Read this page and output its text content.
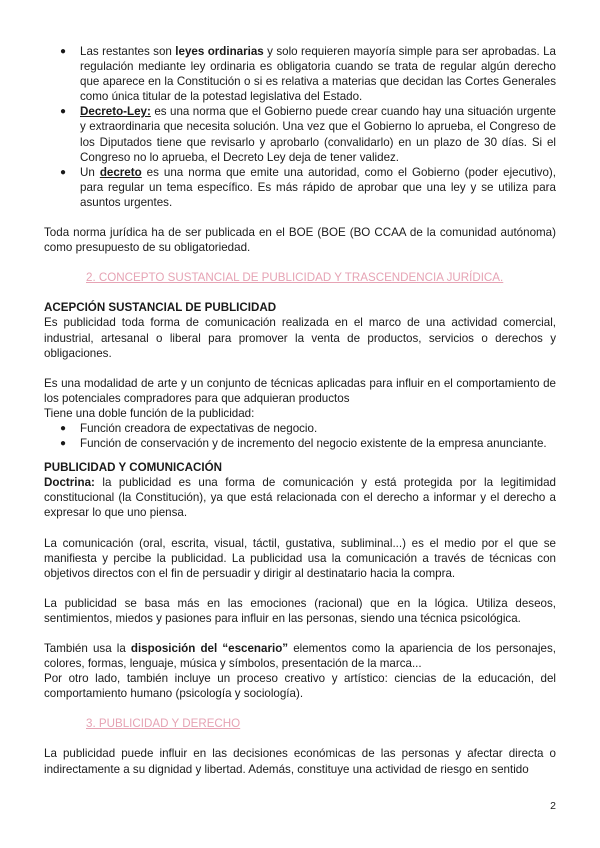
● Las restantes son leyes ordinarias y solo requieren mayoría simple para ser aprobadas. La regulación mediante ley ordinaria es obligatoria cuando se trata de regular algún derecho que aparece en la Constitución o si es relativa a materias que decidan las Cortes Generales como única titular de la potestad legislativa del Estado.
● Decreto-Ley: es una norma que el Gobierno puede crear cuando hay una situación urgente y extraordinaria que necesita solución. Una vez que el Gobierno lo aprueba, el Congreso de los Diputados tiene que revisarlo y aprobarlo (convalidarlo) en un plazo de 30 días. Si el Congreso no lo aprueba, el Decreto Ley deja de tener validez.
● Un decreto es una norma que emite una autoridad, como el Gobierno (poder ejecutivo), para regular un tema específico. Es más rápido de aprobar que una ley y se utiliza para asuntos urgentes.

Toda norma jurídica ha de ser publicada en el BOE (BOE (BO CCAA de la comunidad autónoma) como presupuesto de su obligatoriedad.

2. CONCEPTO SUSTANCIAL DE PUBLICIDAD Y TRASCENDENCIA JURÍDICA.

ACEPCIÓN SUSTANCIAL DE PUBLICIDAD

Es publicidad toda forma de comunicación realizada en el marco de una actividad comercial, industrial, artesanal o liberal para promover la venta de productos, servicios o derechos y obligaciones.

Es una modalidad de arte y un conjunto de técnicas aplicadas para influir en el comportamiento de los potenciales compradores para que adquieran productos

Tiene una doble función de la publicidad:

● Función creadora de expectativas de negocio.
● Función de conservación y de incremento del negocio existente de la empresa anunciante.

PUBLICIDAD Y COMUNICACIÓN

Doctrina: la publicidad es una forma de comunicación y está protegida por la legitimidad constitucional (la Constitución), ya que está relacionada con el derecho a informar y el derecho a expresar lo que uno piensa.

La comunicación (oral, escrita, visual, táctil, gustativa, subliminal...) es el medio por el que se manifiesta y percibe la publicidad. La publicidad usa la comunicación a través de técnicas con objetivos directos con el fin de persuadir y dirigir al destinatario hacia la compra.

La publicidad se basa más en las emociones (racional) que en la lógica. Utiliza deseos, sentimientos, miedos y pasiones para influir en las personas, siendo una técnica psicológica.

También usa la disposición del “escenario” elementos como la apariencia de los personajes, colores, formas, lenguaje, música y símbolos, presentación de la marca...

Por otro lado, también incluye un proceso creativo y artístico: ciencias de la educación, del comportamiento humano (psicología y sociología).

3. PUBLICIDAD Y DERECHO

La publicidad puede influir en las decisiones económicas de las personas y afectar directa o indirectamente a su dignidad y libertad. Además, constituye una actividad de riesgo en sentido

2
